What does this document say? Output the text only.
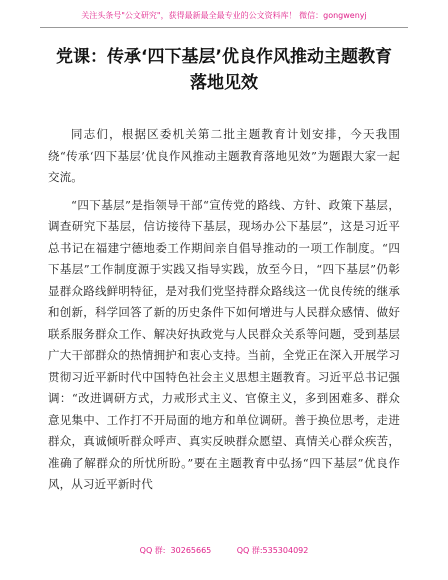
关注头条号"公文研究"，获得最新最全最专业的公文资料库！ 微信：gongwenyj
党课：传承‘四下基层’优良作风推动主题教育落地见效

同志们，根据区委机关第二批主题教育计划安排，今天我围绕“传承‘四下基层’优良作风推动主题教育落地见效”为题跟大家一起交流。

“四下基层”是指领导干部“宣传党的路线、方针、政策下基层，调查研究下基层，信访接待下基层，现场办公下基层”，这是习近平总书记在福建宁德地委工作期间亲自倡导推动的一项工作制度。“四下基层”工作制度源于实践又指导实践，放至今日，“四下基层”仍彰显群众路线鲜明特征，是对我们党坚持群众路线这一优良传统的继承和创新，科学回答了新的历史条件下如何增进与人民群众感情、做好联系服务群众工作、解决好执政党与人民群众关系等问题，受到基层广大干部群众的热情拥护和衷心支持。当前，全党正在深入开展学习贯彻习近平新时代中国特色社会主义思想主题教育。习近平总书记强调：“改进调研方式，力戒形式主义、官僚主义，多到困难多、群众意见集中、工作打不开局面的地方和单位调研。善于换位思考，走进群众，真诚倾听群众呼声、真实反映群众愿望、真情关心群众疾苦，准确了解群众的所忧所盼。”要在主题教育中弘扬“四下基层”优良作风，从习近平新时代

QQ 群:  30265665          QQ 群:535304092
